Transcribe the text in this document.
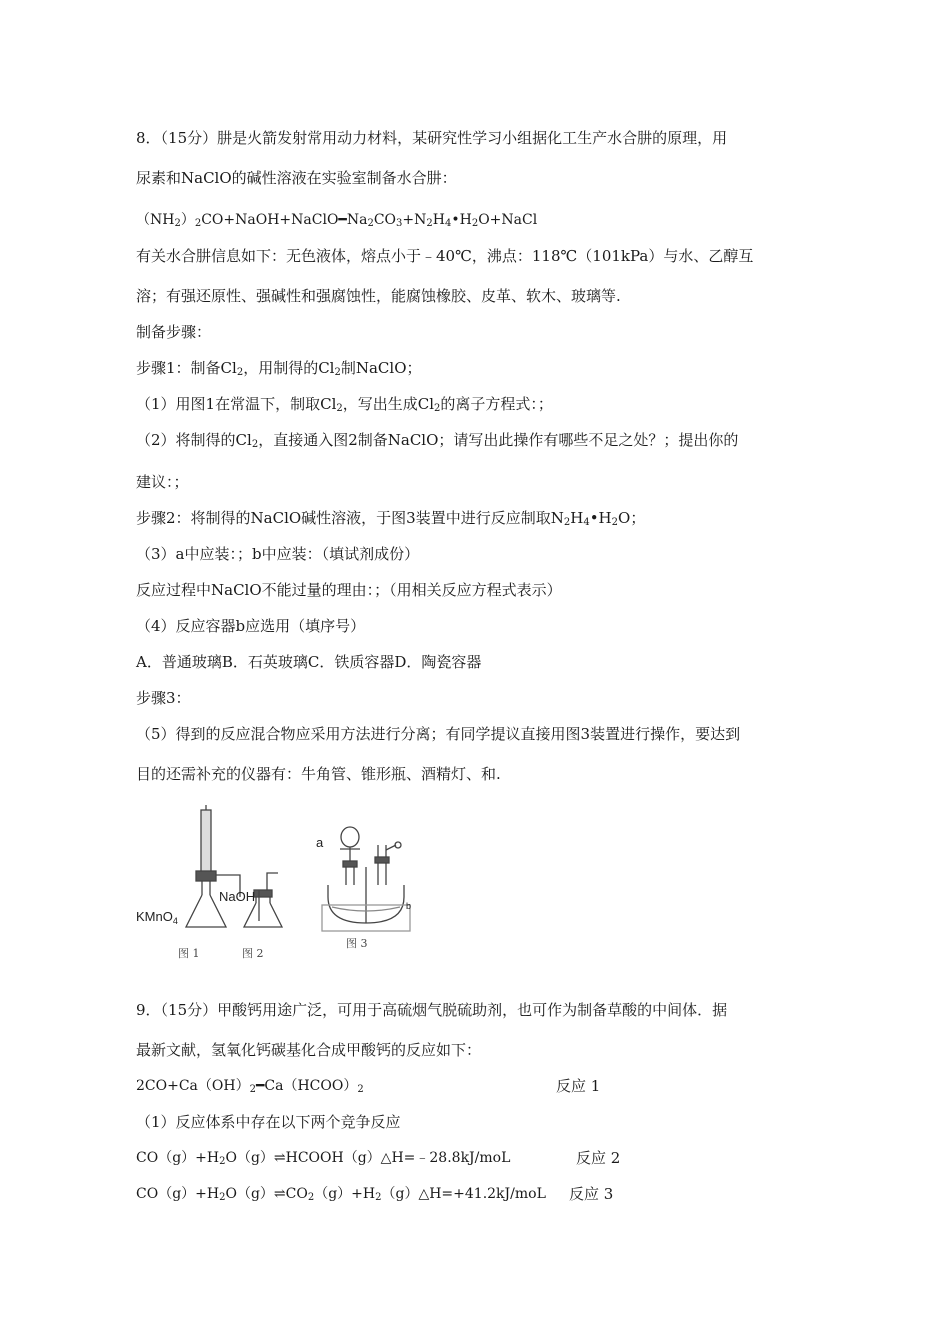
8．（15分）肼是火箭发射常用动力材料，某研究性学习小组据化工生产水合肼的原理，用
尿素和NaClO的碱性溶液在实验室制备水合肼：
$(NH_2)_2CO+NaOH+NaClO━Na_2CO_3+N_2H_4•H_2O+NaCl$
有关水合肼信息如下：无色液体，熔点小于﹣40℃，沸点：118℃（101kPa）与水、乙醇互
溶；有强还原性、强碱性和强腐蚀性，能腐蚀橡胶、皮革、软木、玻璃等.
制备步骤：
步骤1：制备$Cl_2$，用制得的$Cl_2$制NaClO；
（1）用图1在常温下，制取$Cl_2$，写出生成$Cl_2$的离子方程式：；
（2）将制得的$Cl_2$，直接通入图2制备NaClO；请写出此操作有哪些不足之处？；提出你的
建议：；
步骤2：将制得的NaClO碱性溶液，于图3装置中进行反应制取$N_2H_4•H_2O$；
（3）a中应装：；b中应装：（填试剂成份）
反应过程中NaClO不能过量的理由：；（用相关反应方程式表示）
（4）反应容器b应选用（填序号）
A．普通玻璃B．石英玻璃C．铁质容器D．陶瓷容器
步骤3：
（5）得到的反应混合物应采用方法进行分离；有同学提议直接用图3装置进行操作，要达到
目的还需补充的仪器有：牛角管、锥形瓶、酒精灯、和.
KMnO$_4$
NaOH
a
b
图 1	图 2
图 3
9．（15分）甲酸钙用途广泛，可用于高硫烟气脱硫助剂，也可作为制备草酸的中间体．据
最新文献，氢氧化钙碳基化合成甲酸钙的反应如下：
$2CO+Ca(OH)_2━Ca(HCOO)_2$	反应 1
（1）反应体系中存在以下两个竞争反应
$CO(g)+H_2O(g)\rightleftharpoons HCOOH(g)\triangle H=﹣28.8kJ$/moL	反应 2
$CO(g)+H_2O(g)\rightleftharpoons CO_2(g)+H_2(g)\triangle H=+41.2kJ$/moL 反应 3
